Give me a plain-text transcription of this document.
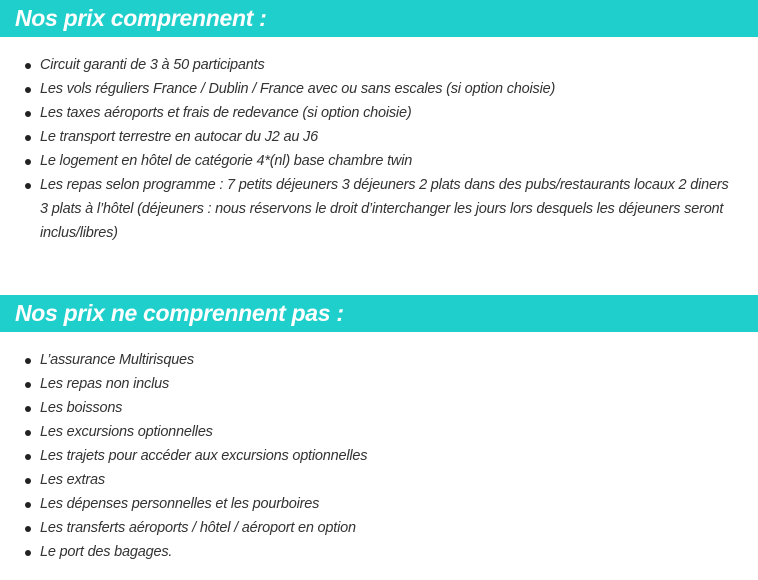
Nos prix comprennent :
Circuit garanti de 3 à 50 participants
Les vols réguliers France / Dublin / France avec ou sans escales (si option choisie)
Les taxes aéroports et frais de redevance (si option choisie)
Le transport terrestre en autocar du J2 au J6
Le logement en hôtel de catégorie 4*(nl) base chambre twin
Les repas selon programme : 7 petits déjeuners 3 déjeuners 2 plats dans des pubs/restaurants locaux 2 diners 3 plats à l’hôtel (déjeuners : nous réservons le droit d’interchanger les jours lors desquels les déjeuners seront inclus/libres)
Nos prix ne comprennent pas :
L’assurance Multirisques
Les repas non inclus
Les boissons
Les excursions optionnelles
Les trajets pour accéder aux excursions optionnelles
Les extras
Les dépenses personnelles et les pourboires
Les transferts aéroports / hôtel / aéroport en option
Le port des bagages.
